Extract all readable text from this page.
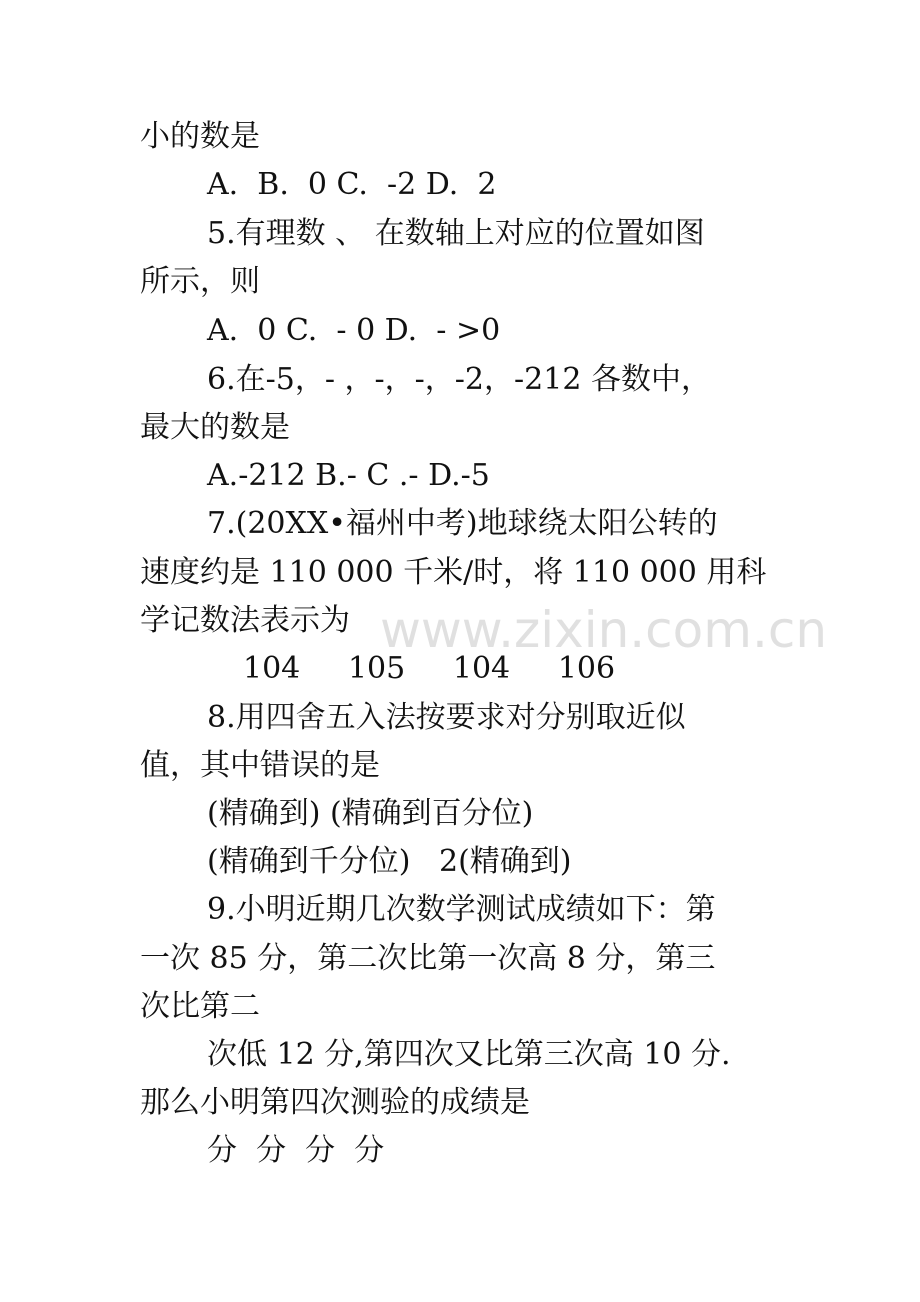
小的数是
A.  B.  0 C.  -2 D.  2
5.有理数 、 在数轴上对应的位置如图
所示，则
A.  0 C.  - 0 D.  - >0
6.在-5，- ，-，-，-2，-212 各数中，
最大的数是
A.-212 B.- C .- D.-5
7.(20XX•福州中考)地球绕太阳公转的
速度约是 110 000 千米/时，将 110 000 用科
学记数法表示为
104     105     104     106
8.用四舍五入法按要求对分别取近似
值，其中错误的是
(精确到) (精确到百分位)
(精确到千分位)   2(精确到)
9.小明近期几次数学测试成绩如下：第
一次 85 分，第二次比第一次高 8 分，第三
次比第二
次低 12 分,第四次又比第三次高 10 分.
那么小明第四次测验的成绩是
分  分  分  分
www.zixin.com.cn
